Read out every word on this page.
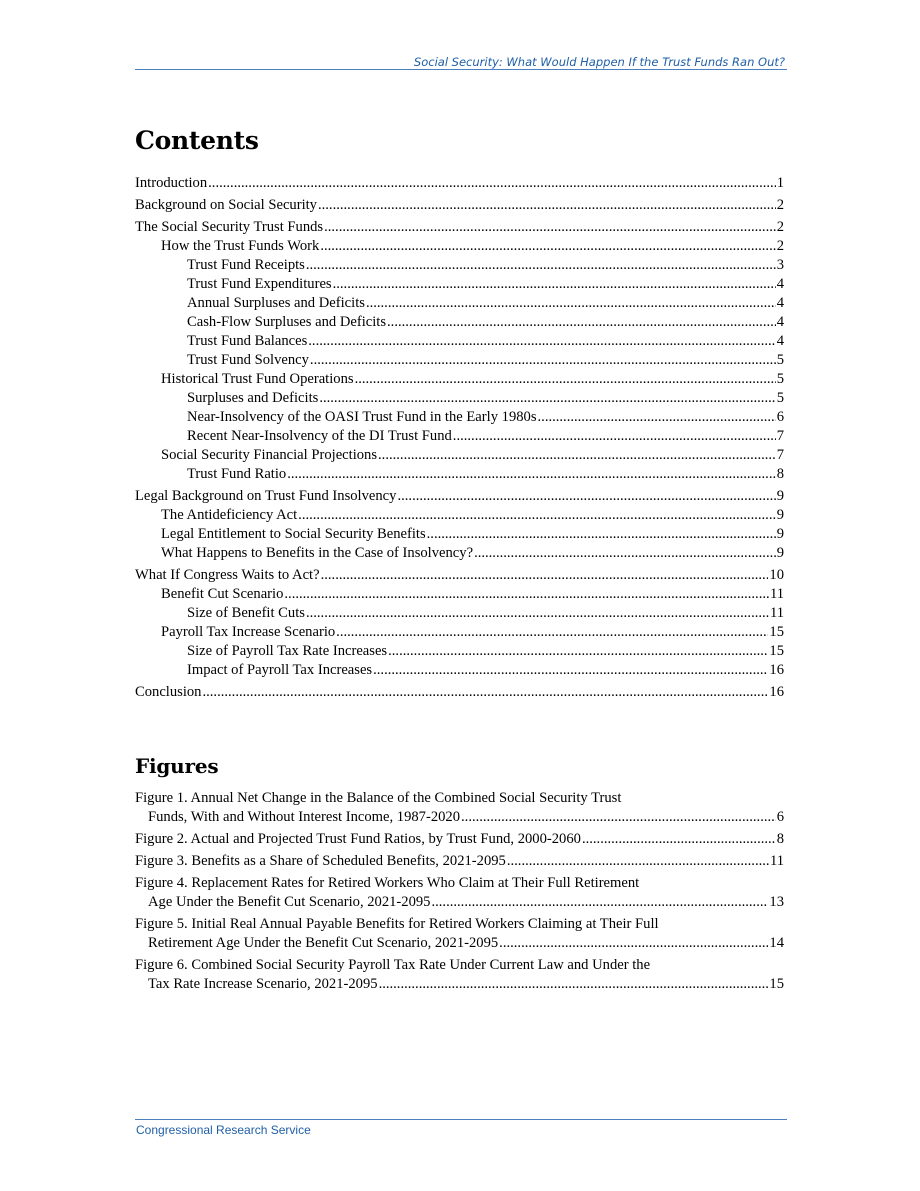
Social Security: What Would Happen If the Trust Funds Ran Out?
Contents
Introduction .....	1
Background on Social Security .....	2
The Social Security Trust Funds .....	2
How the Trust Funds Work .....	2
Trust Fund Receipts .....	3
Trust Fund Expenditures .....	4
Annual Surpluses and Deficits .....	4
Cash-Flow Surpluses and Deficits .....	4
Trust Fund Balances .....	4
Trust Fund Solvency .....	5
Historical Trust Fund Operations .....	5
Surpluses and Deficits .....	5
Near-Insolvency of the OASI Trust Fund in the Early 1980s .....	6
Recent Near-Insolvency of the DI Trust Fund .....	7
Social Security Financial Projections .....	7
Trust Fund Ratio .....	8
Legal Background on Trust Fund Insolvency .....	9
The Antideficiency Act .....	9
Legal Entitlement to Social Security Benefits .....	9
What Happens to Benefits in the Case of Insolvency? .....	9
What If Congress Waits to Act? .....	10
Benefit Cut Scenario .....	11
Size of Benefit Cuts .....	11
Payroll Tax Increase Scenario .....	15
Size of Payroll Tax Rate Increases .....	15
Impact of Payroll Tax Increases .....	16
Conclusion .....	16
Figures
Figure 1. Annual Net Change in the Balance of the Combined Social Security Trust
Funds, With and Without Interest Income, 1987-2020 .....	6
Figure 2. Actual and Projected Trust Fund Ratios, by Trust Fund, 2000-2060 .....	8
Figure 3. Benefits as a Share of Scheduled Benefits, 2021-2095 .....	11
Figure 4. Replacement Rates for Retired Workers Who Claim at Their Full Retirement
Age Under the Benefit Cut Scenario, 2021-2095 .....	13
Figure 5. Initial Real Annual Payable Benefits for Retired Workers Claiming at Their Full
Retirement Age Under the Benefit Cut Scenario, 2021-2095 .....	14
Figure 6. Combined Social Security Payroll Tax Rate Under Current Law and Under the
Tax Rate Increase Scenario, 2021-2095 .....	15
Congressional Research Service
